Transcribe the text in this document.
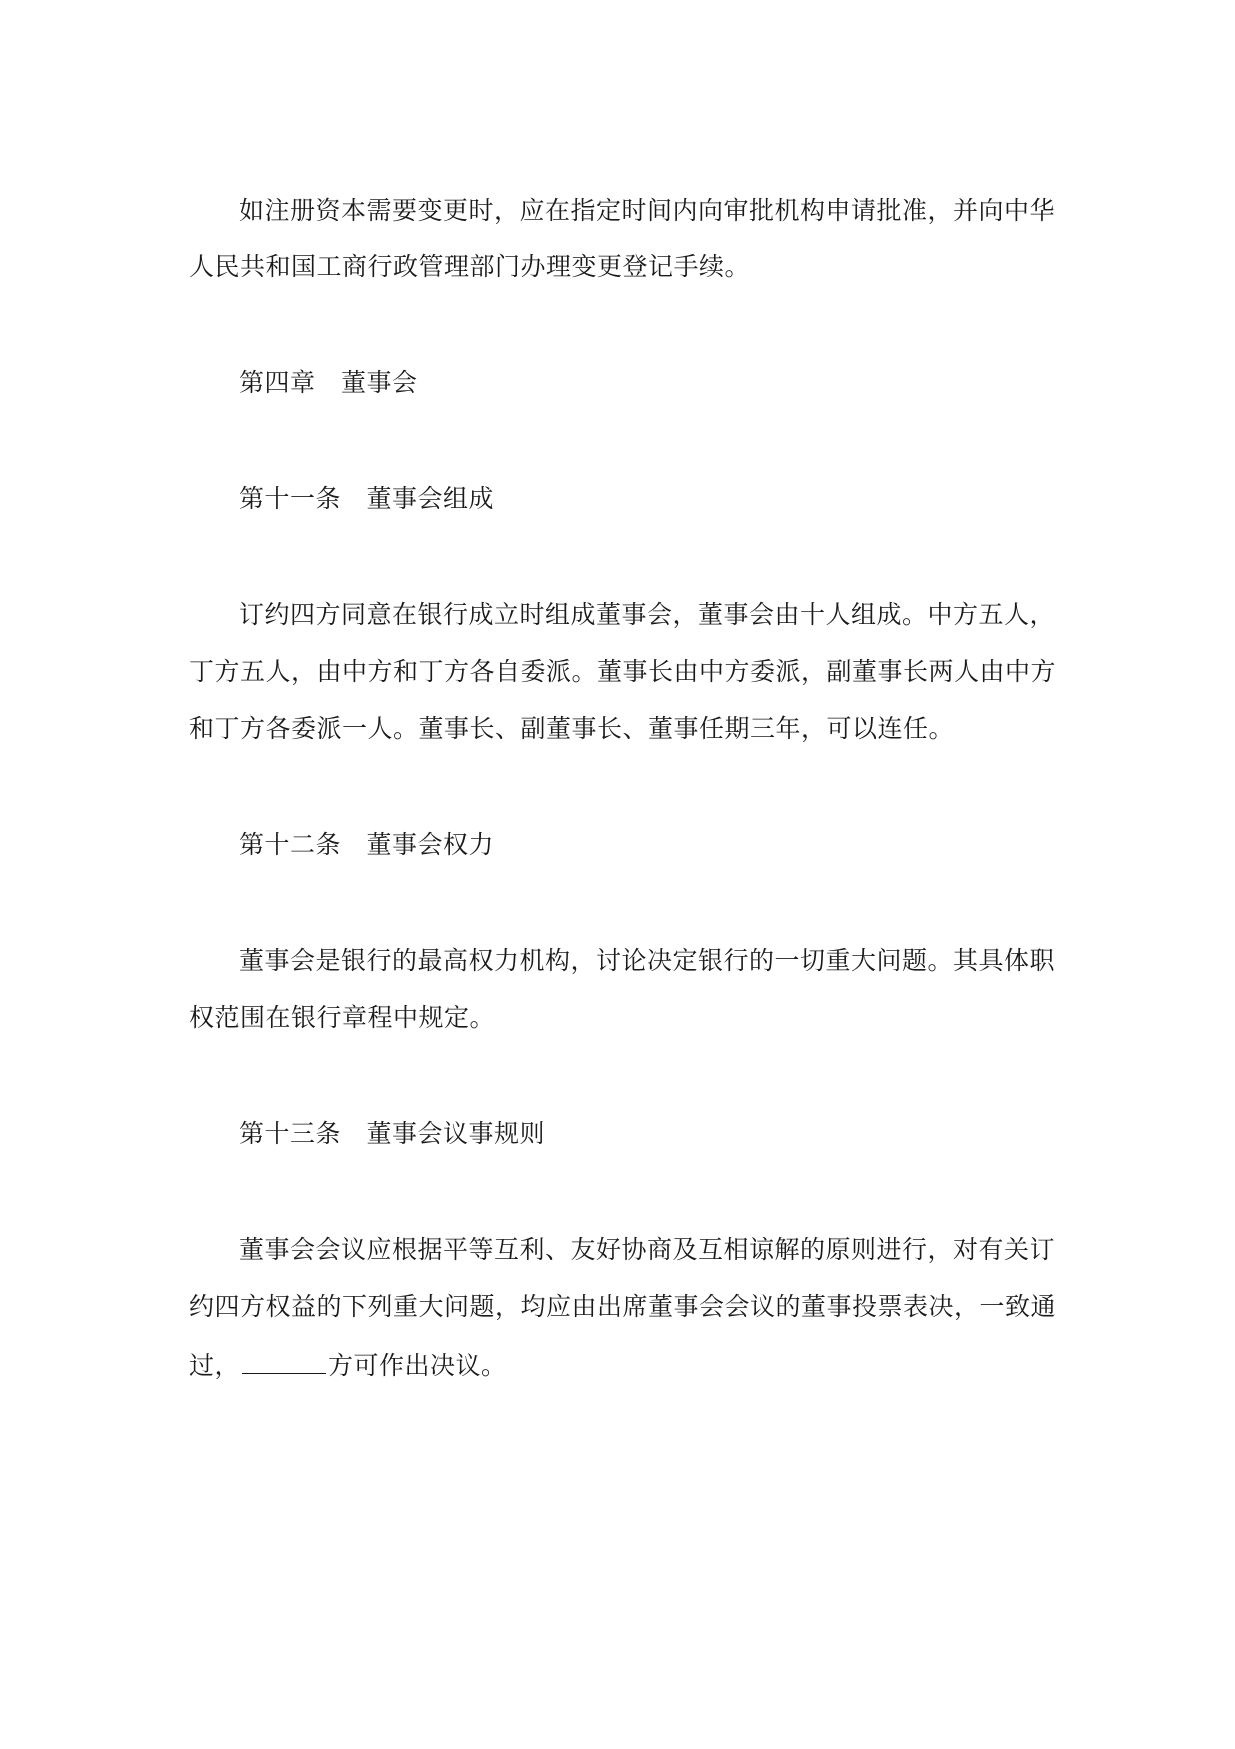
如注册资本需要变更时，应在指定时间内向审批机构申请批准，并向中华
人民共和国工商行政管理部门办理变更登记手续。
第四章　董事会
第十一条　董事会组成
订约四方同意在银行成立时组成董事会，董事会由十人组成。中方五人，
丁方五人，由中方和丁方各自委派。董事长由中方委派，副董事长两人由中方
和丁方各委派一人。董事长、副董事长、董事任期三年，可以连任。
第十二条　董事会权力
董事会是银行的最高权力机构，讨论决定银行的一切重大问题。其具体职
权范围在银行章程中规定。
第十三条　董事会议事规则
董事会会议应根据平等互利、友好协商及互相谅解的原则进行，对有关订
约四方权益的下列重大问题，均应由出席董事会会议的董事投票表决，一致通
过，	方可作出决议。
